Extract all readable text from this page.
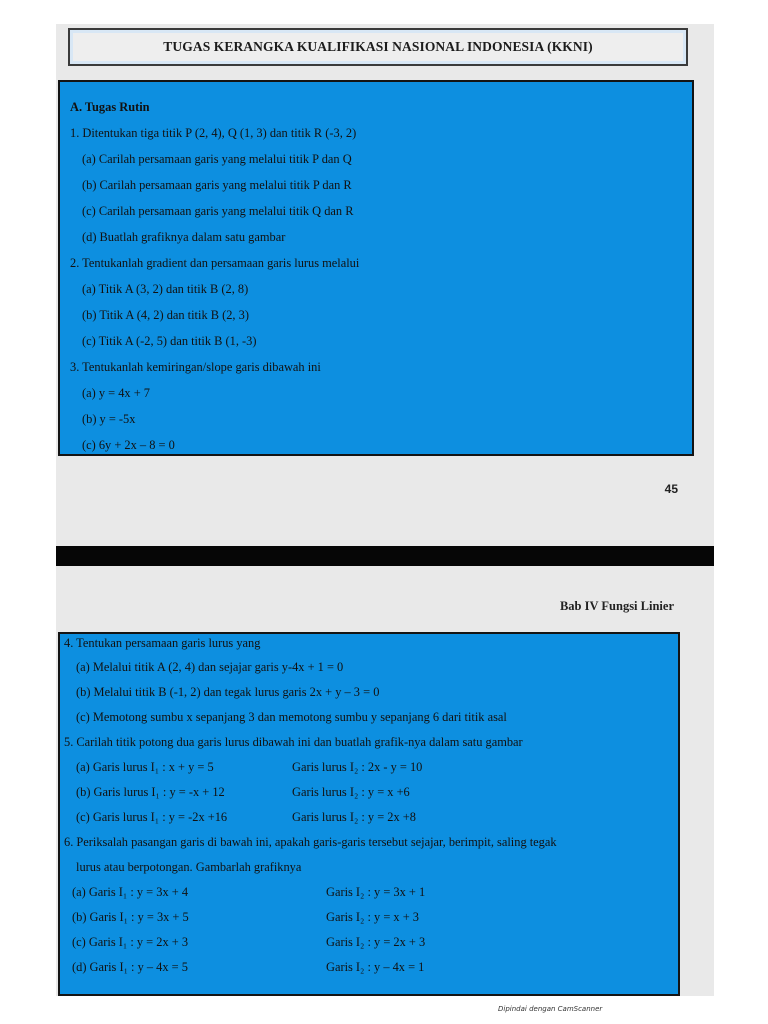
TUGAS KERANGKA KUALIFIKASI NASIONAL INDONESIA (KKNI)
A. Tugas Rutin
1. Ditentukan tiga titik P (2, 4), Q (1, 3) dan titik R (-3, 2)
(a) Carilah persamaan garis yang melalui titik P dan Q
(b) Carilah persamaan garis yang melalui titik P dan R
(c) Carilah persamaan garis yang melalui titik Q dan R
(d) Buatlah grafiknya dalam satu gambar
2. Tentukanlah gradient dan persamaan garis lurus melalui
(a) Titik A (3, 2) dan titik B (2, 8)
(b) Titik A (4, 2) dan titik B (2, 3)
(c) Titik A (-2, 5) dan titik B (1, -3)
3. Tentukanlah kemiringan/slope garis dibawah ini
(a) y = 4x + 7
(b) y = -5x
(c) 6y + 2x – 8 = 0
45
Bab IV Fungsi Linier
4. Tentukan persamaan garis lurus yang
(a) Melalui titik A (2, 4) dan sejajar garis y-4x + 1 = 0
(b) Melalui titik B (-1, 2) dan tegak lurus garis 2x + y – 3 = 0
(c) Memotong sumbu x sepanjang 3 dan memotong sumbu y sepanjang 6 dari titik asal
5. Carilah titik potong dua garis lurus dibawah ini dan buatlah grafik-nya dalam satu gambar
(a) Garis lurus I₁ : x + y = 5	Garis lurus I₂ : 2x - y = 10
(b) Garis lurus I₁ : y = -x + 12	Garis lurus I₂ : y = x +6
(c) Garis lurus I₁ : y = -2x +16	Garis lurus I₂ : y = 2x +8
6. Periksalah pasangan garis di bawah ini, apakah garis-garis tersebut sejajar, berimpit, saling tegak
lurus atau berpotongan. Gambarlah grafiknya
(a) Garis I₁ : y = 3x + 4	Garis I₂ : y = 3x + 1
(b) Garis I₁ : y = 3x + 5	Garis I₂ : y = x + 3
(c) Garis I₁ : y = 2x + 3	Garis I₂ : y = 2x + 3
(d) Garis I₁ : y – 4x = 5	Garis I₂ : y – 4x = 1
Dipindai dengan CamScanner
